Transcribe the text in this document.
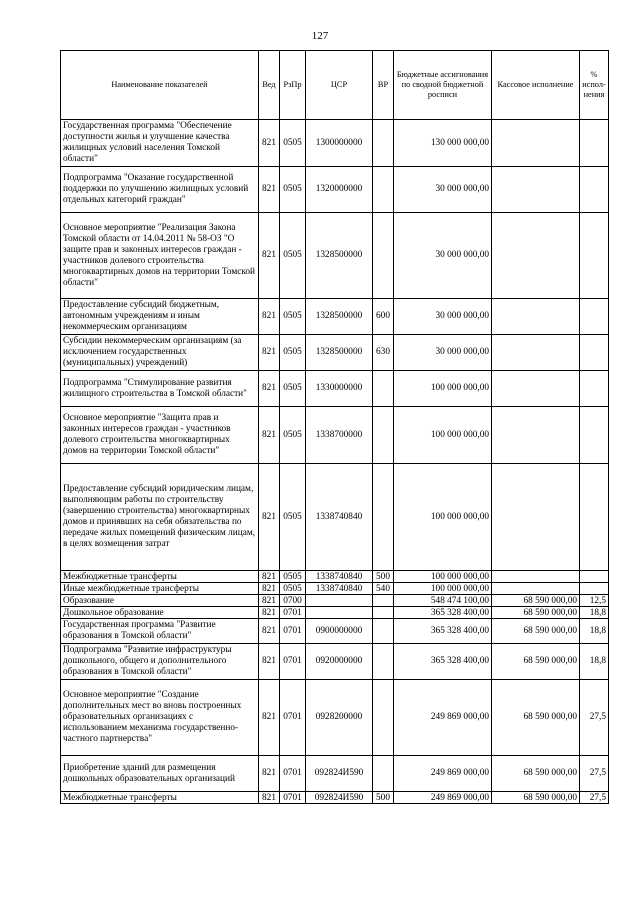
127
Наименование показателей	Вед	РзПр	ЦСР	ВР	Бюджетные ассигнования по сводной бюджетной росписи	Кассовое исполнение	% испол-нения
Государственная программа "Обеспечение доступности жилья и улучшение качества жилищных условий населения Томской области"	821	0505	1300000000		130 000 000,00		
Подпрограмма "Оказание государственной поддержки по улучшению жилищных условий отдельных категорий граждан"	821	0505	1320000000		30 000 000,00		
Основное мероприятие "Реализация Закона Томской области от 14.04.2011 № 58-ОЗ "О защите прав и законных интересов граждан - участников долевого строительства многоквартирных домов на территории Томской области"	821	0505	1328500000		30 000 000,00		
Предоставление субсидий бюджетным, автономным учреждениям и иным некоммерческим организациям	821	0505	1328500000	600	30 000 000,00		
Субсидии некоммерческим организациям (за исключением государственных (муниципальных) учреждений)	821	0505	1328500000	630	30 000 000,00		
Подпрограмма "Стимулирование развития жилищного строительства в Томской области"	821	0505	1330000000		100 000 000,00		
Основное мероприятие "Защита прав и законных интересов граждан - участников долевого строительства многоквартирных домов на территории Томской области"	821	0505	1338700000		100 000 000,00		
Предоставление субсидий юридическим лицам, выполняющим работы по строительству (завершению строительства) многоквартирных домов и принявших на себя обязательства по передаче жилых помещений физическим лицам, в целях возмещения затрат	821	0505	1338740840		100 000 000,00		
Межбюджетные трансферты	821	0505	1338740840	500	100 000 000,00		
Иные межбюджетные трансферты	821	0505	1338740840	540	100 000 000,00		
Образование	821	0700			548 474 100,00	68 590 000,00	12,5
Дошкольное образование	821	0701			365 328 400,00	68 590 000,00	18,8
Государственная программа "Развитие образования в Томской области"	821	0701	0900000000		365 328 400,00	68 590 000,00	18,8
Подпрограмма "Развитие инфраструктуры дошкольного, общего и дополнительного образования в Томской области"	821	0701	0920000000		365 328 400,00	68 590 000,00	18,8
Основное мероприятие "Создание дополнительных мест во вновь построенных образовательных организациях с использованием механизма государственно-частного партнерства"	821	0701	0928200000		249 869 000,00	68 590 000,00	27,5
Приобретение зданий для размещения дошкольных образовательных организаций	821	0701	092824И590		249 869 000,00	68 590 000,00	27,5
Межбюджетные трансферты	821	0701	092824И590	500	249 869 000,00	68 590 000,00	27,5
